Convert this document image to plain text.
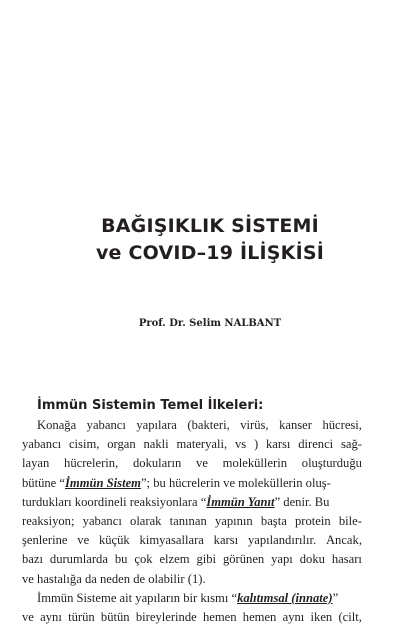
BAĞIŞIKLIK SİSTEMİ
ve COVID–19 İLİŞKİSİ
Prof. Dr. Selim NALBANT
İmmün Sistemin Temel İlkeleri:
Konağa yabancı yapılara (bakteri, virüs, kanser hücresi,
yabancı cisim, organ nakli materyali, vs ) karsı direnci sağ-
layan hücrelerin, dokuların ve moleküllerin oluşturduğu
bütüne “İmmün Sistem”; bu hücrelerin ve moleküllerin oluş-
turdukları koordineli reaksiyonlara “İmmün Yanıt” denir. Bu
reaksiyon; yabancı olarak tanınan yapının başta protein bile-
şenlerine ve küçük kimyasallara karsı yapılandırılır. Ancak,
bazı durumlarda bu çok elzem gibi görünen yapı doku hasarı
ve hastalığa da neden de olabilir (1).
İmmün Sisteme ait yapıların bir kısmı “kalıtımsal (innate)”
ve aynı türün bütün bireylerinde hemen hemen aynı iken (cilt,
